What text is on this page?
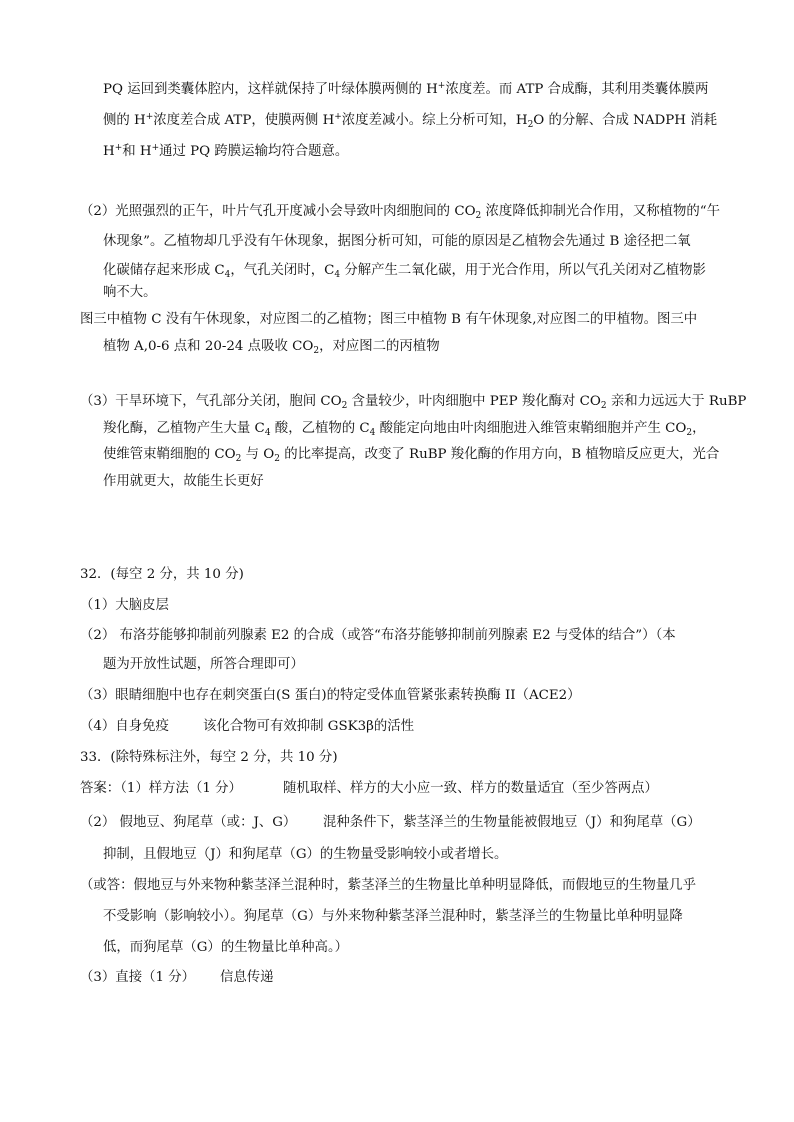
PQ 运回到类囊体腔内，这样就保持了叶绿体膜两侧的 H+浓度差。而 ATP 合成酶，其利用类囊体膜两
侧的 H+浓度差合成 ATP，使膜两侧 H+浓度差减小。综上分析可知，$H_2O$ 的分解、合成 NADPH 消耗
H+和 H+通过 PQ 跨膜运输均符合题意。
（2）光照强烈的正午，叶片气孔开度减小会导致叶肉细胞间的 $CO_2$ 浓度降低抑制光合作用，又称植物的“午
休现象”。乙植物却几乎没有午休现象，据图分析可知，可能的原因是乙植物会先通过 B 途径把二氧
化碳储存起来形成 $C_4$，气孔关闭时，$C_4$ 分解产生二氧化碳，用于光合作用，所以气孔关闭对乙植物影
响不大。
图三中植物 C 没有午休现象，对应图二的乙植物；图三中植物 B 有午休现象,对应图二的甲植物。图三中
植物 A,0-6 点和 20-24 点吸收 $CO_2$，对应图二的丙植物
（3）干旱环境下，气孔部分关闭，胞间 $CO_2$ 含量较少，叶肉细胞中 PEP 羧化酶对 $CO_2$ 亲和力远远大于 RuBP
羧化酶，乙植物产生大量 $C_4$ 酸，乙植物的 $C_4$ 酸能定向地由叶肉细胞进入维管束鞘细胞并产生 $CO_2$，
使维管束鞘细胞的 $CO_2$ 与 $O_2$ 的比率提高，改变了 RuBP 羧化酶的作用方向，B 植物暗反应更大，光合
作用就更大，故能生长更好
32．(每空 2 分，共 10 分)
（1）大脑皮层
（2） 布洛芬能够抑制前列腺素 E2 的合成（或答“布洛芬能够抑制前列腺素 E2 与受体的结合”）（本
题为开放性试题，所答合理即可）
（3）眼睛细胞中也存在刺突蛋白(S 蛋白)的特定受体血管紧张素转换酶 II（ACE2）
（4）自身免疫	该化合物可有效抑制 GSK3β的活性
33．(除特殊标注外，每空 2 分，共 10 分)
答案：（1）样方法（1 分）	随机取样、样方的大小应一致、样方的数量适宜（至少答两点）
（2） 假地豆、狗尾草（或：J、G） 混种条件下，紫茎泽兰的生物量能被假地豆（J）和狗尾草（G）
抑制，且假地豆（J）和狗尾草（G）的生物量受影响较小或者增长。
（或答：假地豆与外来物种紫茎泽兰混种时，紫茎泽兰的生物量比单种明显降低，而假地豆的生物量几乎
不受影响（影响较小）。狗尾草（G）与外来物种紫茎泽兰混种时，紫茎泽兰的生物量比单种明显降
低，而狗尾草（G）的生物量比单种高。）
（3）直接（1 分） 信息传递
